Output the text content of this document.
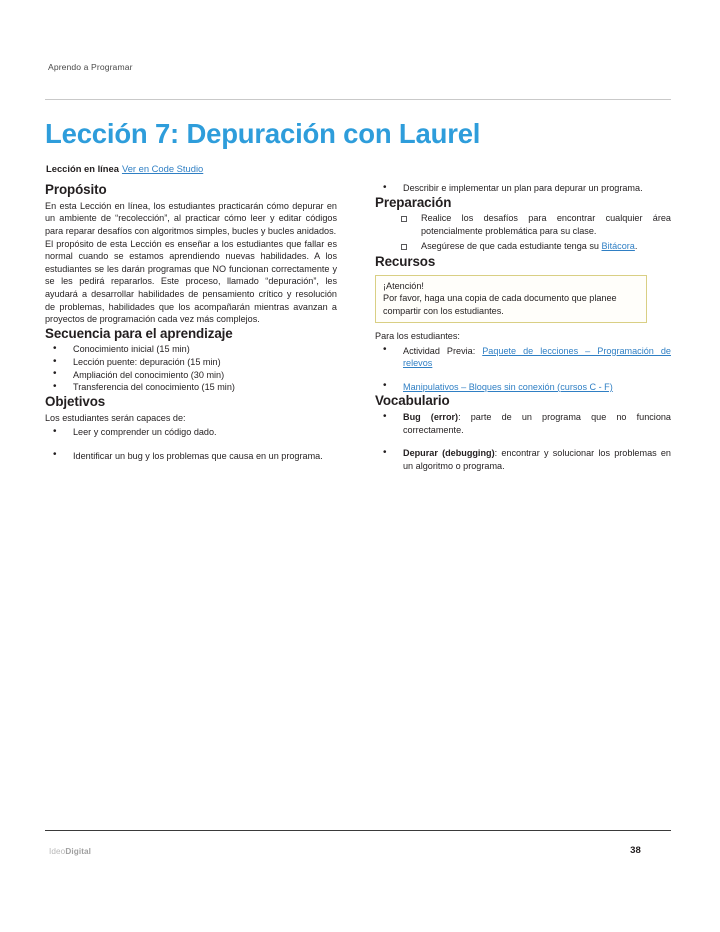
Aprendo a Programar
Lección 7: Depuración con Laurel
Lección en línea Ver en Code Studio
Propósito

En esta Lección en línea, los estudiantes practicarán cómo depurar en un ambiente de “recolección”, al practicar cómo leer y editar códigos para reparar desafíos con algoritmos simples, bucles y bucles anidados.

El propósito de esta Lección es enseñar a los estudiantes que fallar es normal cuando se estamos aprendiendo nuevas habilidades. A los estudiantes se les darán programas que NO funcionan correctamente y se les pedirá repararlos. Este proceso, llamado “depuración”, les ayudará a desarrollar habilidades de pensamiento crítico y resolución de problemas, habilidades que los acompañarán mientras avanzan a proyectos de programación cada vez más complejos.

Secuencia para el aprendizaje
• Conocimiento inicial (15 min)
• Lección puente: depuración (15 min)
• Ampliación del conocimiento (30 min)
• Transferencia del conocimiento (15 min)
Objetivos

Los estudiantes serán capaces de:

• Leer y comprender un código dado.
• Identificar un bug y los problemas que causa en un programa.
• Describir e implementar un plan para depurar un programa.
Preparación
Realice los desafíos para encontrar cualquier área potencialmente problemática para su clase.
Asegúrese de que cada estudiante tenga su Bitácora.
Recursos

¡Atención!

Por favor, haga una copia de cada documento que planee compartir con los estudiantes.

Para los estudiantes:

• Actividad Previa: Paquete de lecciones – Programación de relevos
• Manipulativos – Bloques sin conexión (cursos C - F)
Vocabulario
• Bug (error): parte de un programa que no funciona correctamente.
• Depurar (debugging): encontrar y solucionar los problemas en un algoritmo o programa.
IdeoDigital	38
